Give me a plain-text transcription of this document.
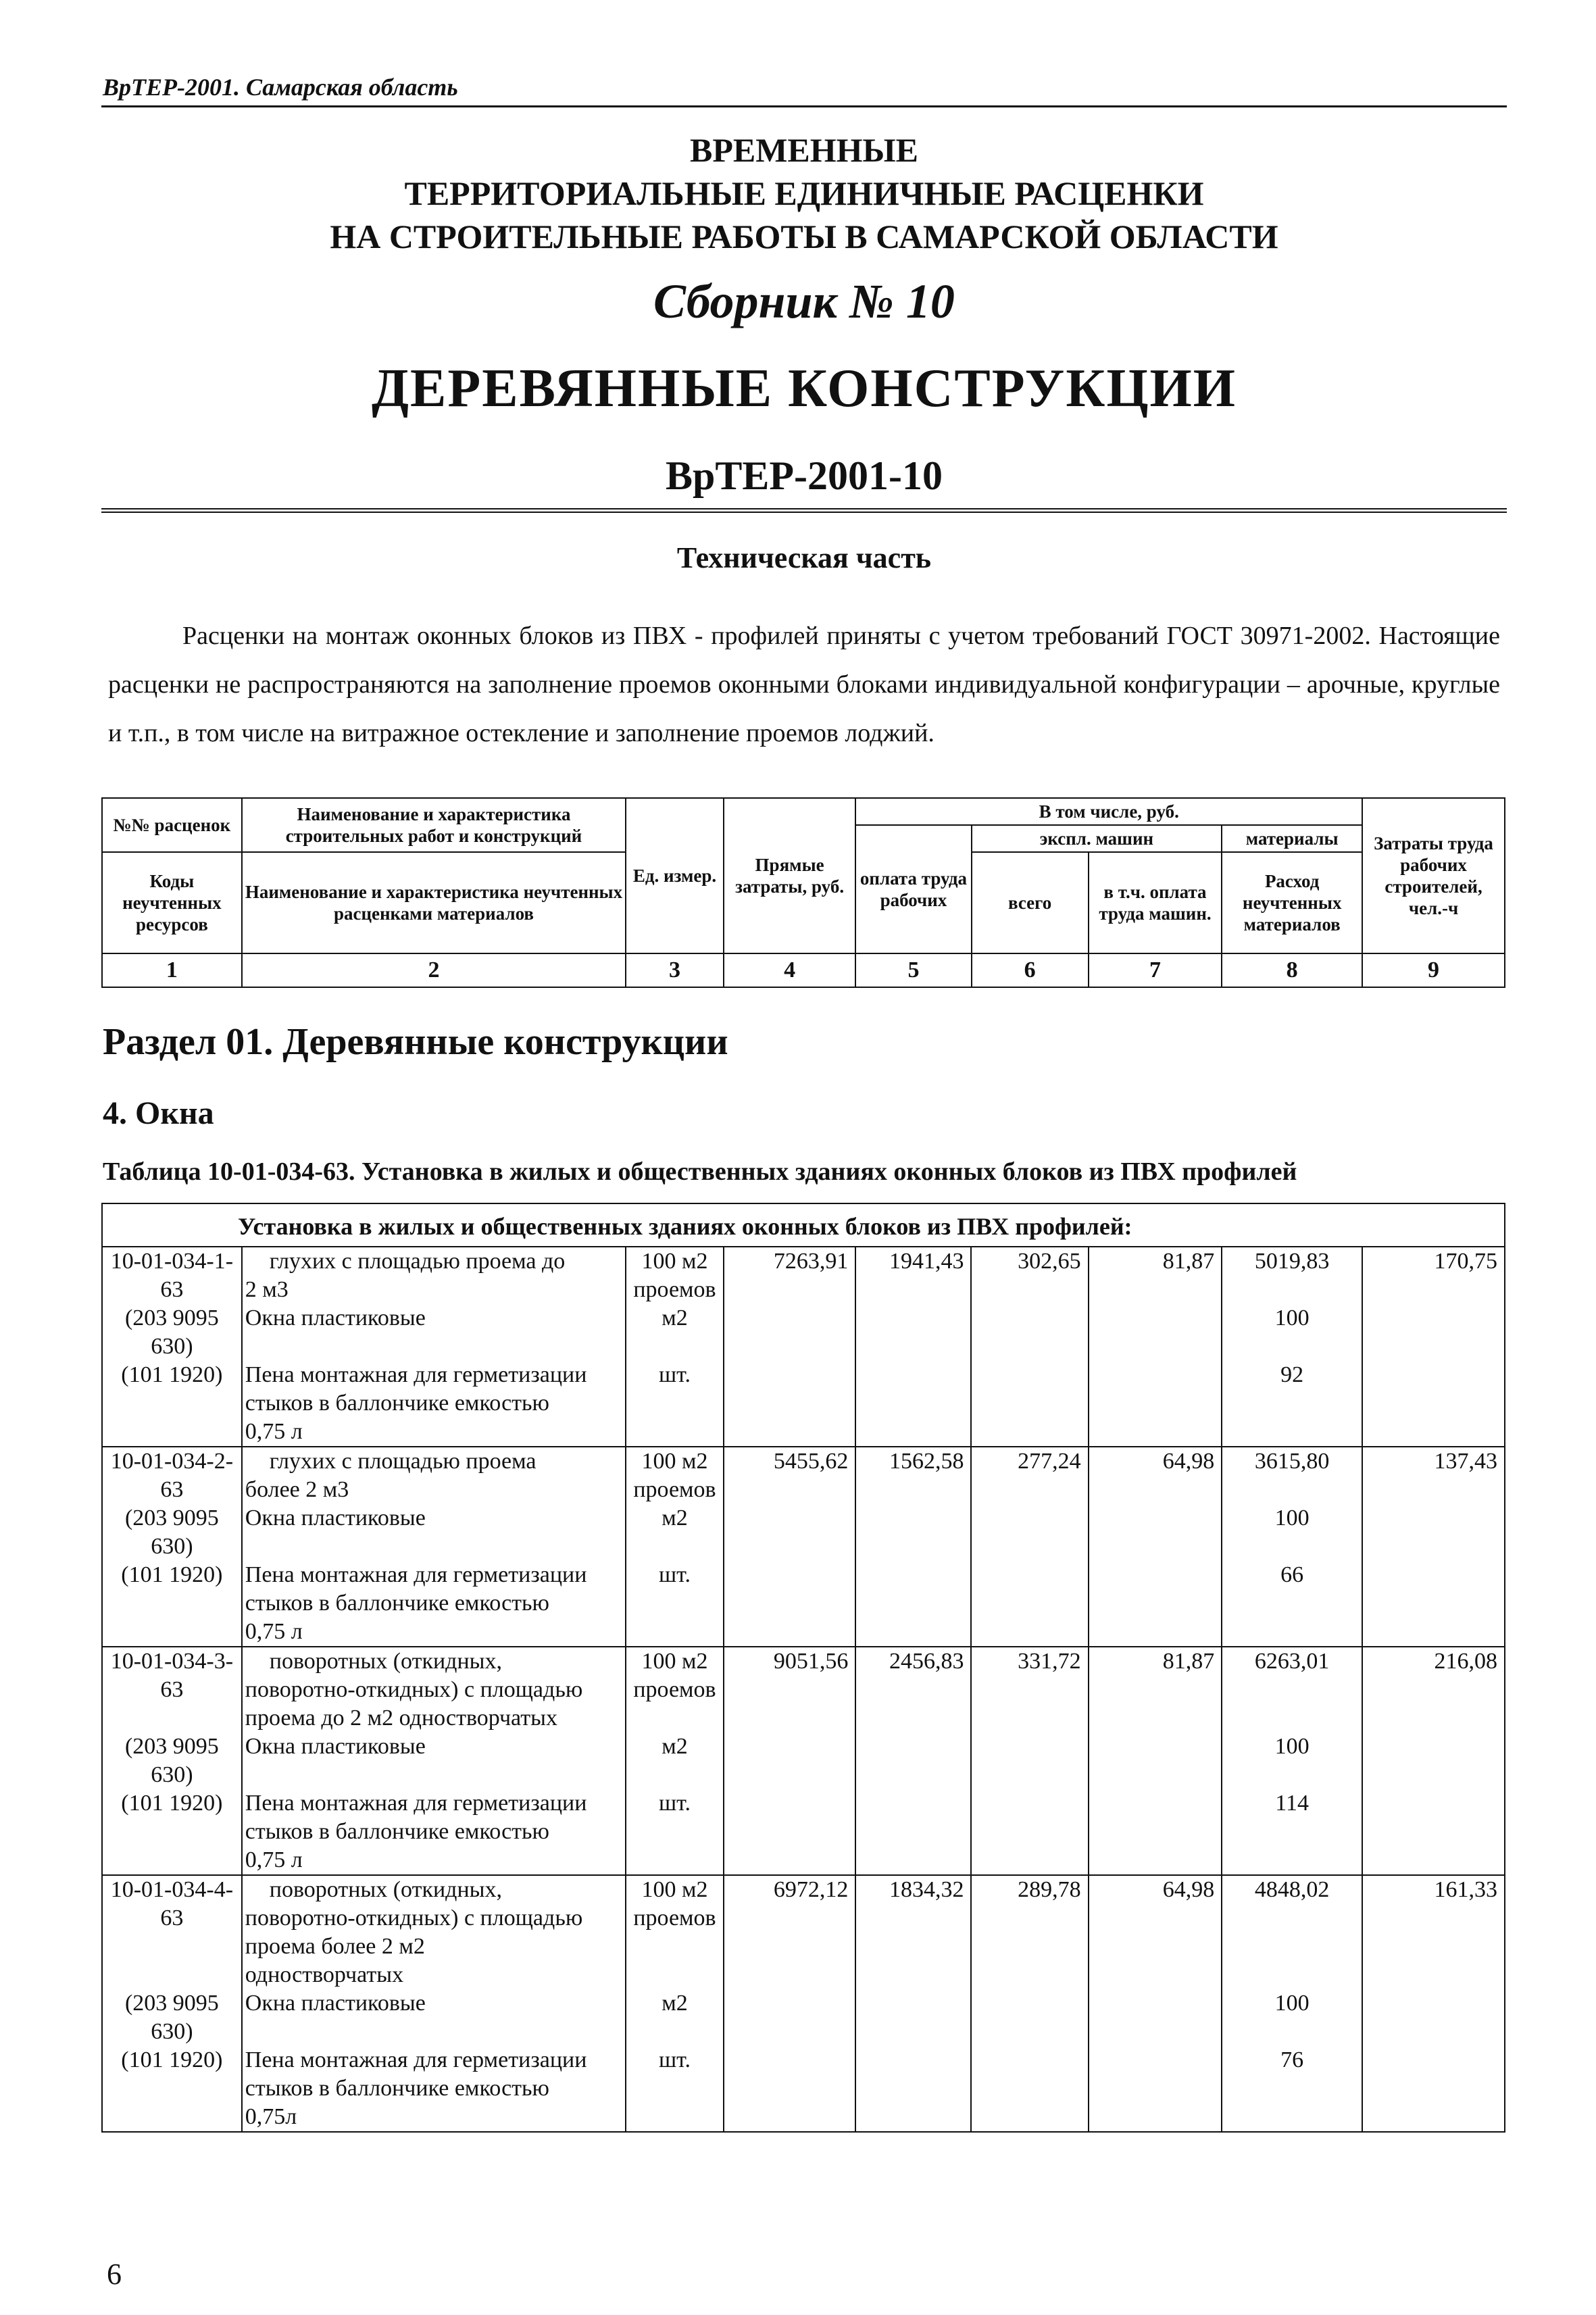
ВрТЕР-2001. Самарская область
ВРЕМЕННЫЕ
ТЕРРИТОРИАЛЬНЫЕ ЕДИНИЧНЫЕ РАСЦЕНКИ
НА СТРОИТЕЛЬНЫЕ РАБОТЫ В САМАРСКОЙ ОБЛАСТИ
Сборник № 10
ДЕРЕВЯННЫЕ КОНСТРУКЦИИ
ВрТЕР-2001-10
Техническая часть

Расценки на монтаж оконных блоков из ПВХ - профилей приняты с учетом требований ГОСТ 30971-2002. Настоящие расценки не распространяются на заполнение проемов оконными блоками индивидуальной конфигурации – арочные, круглые и т.п., в том числе на витражное остекление и заполнение проемов лоджий.

№№ расценок	Наименование и характеристика строительных работ и конструкций	Ед. измер.	Прямые затраты, руб.	В том числе, руб.				Затраты труда рабочих строителей, чел.-ч
				оплата труда рабочих	экспл. машин		материалы	
Коды неучтенных ресурсов	Наименование и характеристика неучтенных расценками материалов				всего	в т.ч. оплата труда машин.	Расход неучтенных материалов	

1	2	3	4	5	6	7	8	9
Раздел 01. Деревянные конструкции
4. Окна
Таблица 10-01-034-63. Установка в жилых и общественных зданиях оконных блоков из ПВХ профилей
Установка в жилых и общественных зданиях оконных блоков из ПВХ профилей:								
10-01-034-1-	глухих с площадью проема до	100 м2	7263,91	1941,43	302,65	81,87	5019,83	170,75
63	2 м3	проемов						
(203 9095	Окна пластиковые	м2					100	
630)								
(101 1920)	Пена монтажная для герметизации	шт.					92	
	стыков в баллончике емкостью							
	0,75 л							
10-01-034-2-	глухих с площадью проема	100 м2	5455,62	1562,58	277,24	64,98	3615,80	137,43
63	более 2 м3	проемов						
(203 9095	Окна пластиковые	м2					100	
630)								
(101 1920)	Пена монтажная для герметизации	шт.					66	
	стыков в баллончике емкостью							
	0,75 л							
10-01-034-3-	поворотных (откидных,	100 м2	9051,56	2456,83	331,72	81,87	6263,01	216,08
63	поворотно-откидных) с площадью	проемов						
	проема до 2 м2 одностворчатых							
(203 9095	Окна пластиковые	м2					100	
630)								
(101 1920)	Пена монтажная для герметизации	шт.					114	
	стыков в баллончике емкостью							
	0,75 л							
10-01-034-4-	поворотных (откидных,	100 м2	6972,12	1834,32	289,78	64,98	4848,02	161,33
63	поворотно-откидных) с площадью	проемов						
	проема более 2 м2							
	одностворчатых							
(203 9095	Окна пластиковые	м2					100	
630)								
(101 1920)	Пена монтажная для герметизации	шт.					76	
	стыков в баллончике емкостью							
	0,75л							
6
